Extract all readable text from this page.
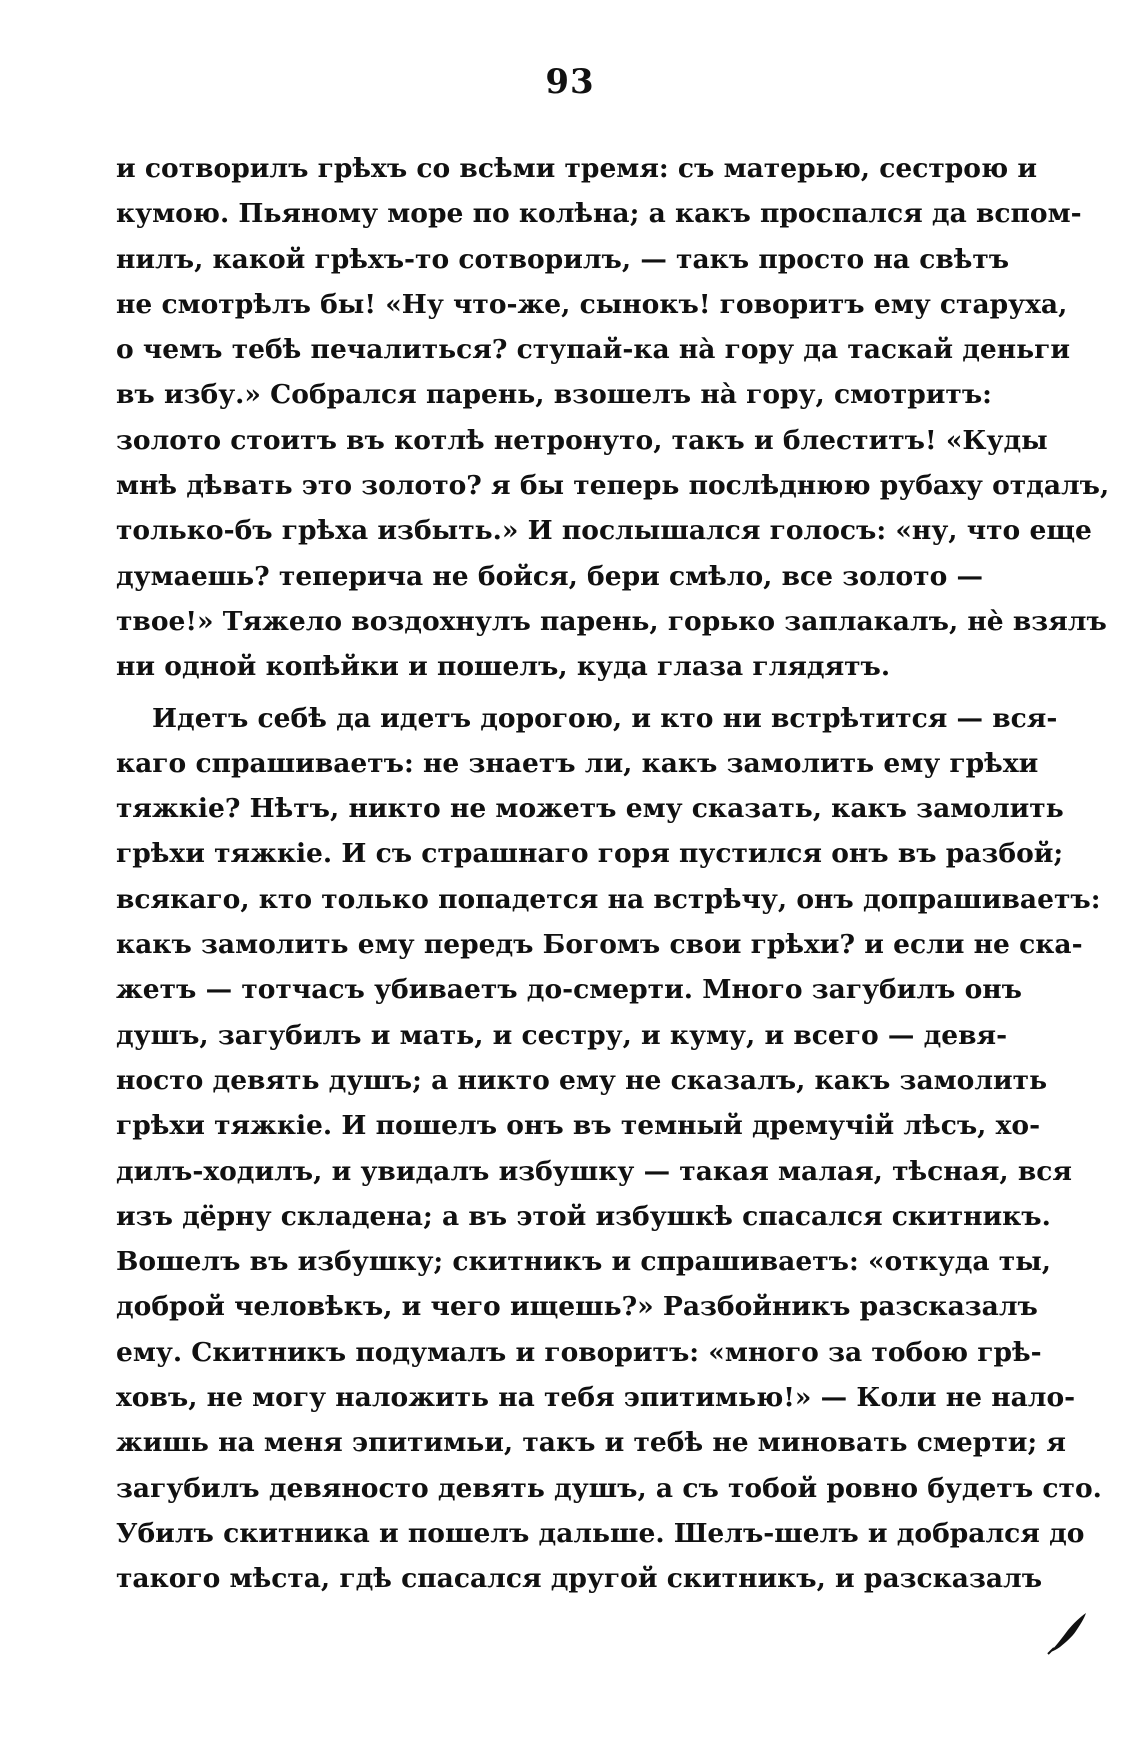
93
и сотворилъ грѣхъ со всѣми тремя: съ матерью, сестрою и
кумою. Пьяному море по колѣна; а какъ проспался да вспом-
нилъ, какой грѣхъ-то сотворилъ, — такъ просто на свѣтъ
не смотрѣлъ бы! «Ну что-же, сынокъ! говоритъ ему старуха,
о чемъ тебѣ печалиться? ступай-ка на̀ гору да таскай деньги
въ избу.» Собрался парень, взошелъ на̀ гору, смотритъ:
золото стоитъ въ котлѣ нетронуто, такъ и блеститъ! «Куды
мнѣ дѣвать это золото? я бы теперь послѣднюю рубаху отдалъ,
только-бъ грѣха избыть.» И послышался голосъ: «ну, что еще
думаешь? теперича не бойся, бери смѣло, все золото —
твое!» Тяжело воздохнулъ парень, горько заплакалъ, нѐ взялъ
ни одной копѣйки и пошелъ, куда глаза глядятъ.
Идетъ себѣ да идетъ дорогою, и кто ни встрѣтится — вся-
каго спрашиваетъ: не знаетъ ли, какъ замолить ему грѣхи
тяжкіе? Нѣтъ, никто не можетъ ему сказать, какъ замолить
грѣхи тяжкіе. И съ страшнаго горя пустился онъ въ разбой;
всякаго, кто только попадется на встрѣчу, онъ допрашиваетъ:
какъ замолить ему передъ Богомъ свои грѣхи? и если не ска-
жетъ — тотчасъ убиваетъ до-смерти. Много загубилъ онъ
душъ, загубилъ и мать, и сестру, и куму, и всего — девя-
носто девять душъ; а никто ему не сказалъ, какъ замолить
грѣхи тяжкіе. И пошелъ онъ въ темный дремучій лѣсъ, хо-
дилъ-ходилъ, и увидалъ избушку — такая малая, тѣсная, вся
изъ дёрну складена; а въ этой избушкѣ спасался скитникъ.
Вошелъ въ избушку; скитникъ и спрашиваетъ: «откуда ты,
доброй человѣкъ, и чего ищешь?» Разбойникъ разсказалъ
ему. Скитникъ подумалъ и говоритъ: «много за тобою грѣ-
ховъ, не могу наложить на тебя эпитимью!» — Коли не нало-
жишь на меня эпитимьи, такъ и тебѣ не миновать смерти; я
загубилъ девяносто девять душъ, а съ тобой ровно будетъ сто.
Убилъ скитника и пошелъ дальше. Шелъ-шелъ и добрался до
такого мѣста, гдѣ спасался другой скитникъ, и разсказалъ
